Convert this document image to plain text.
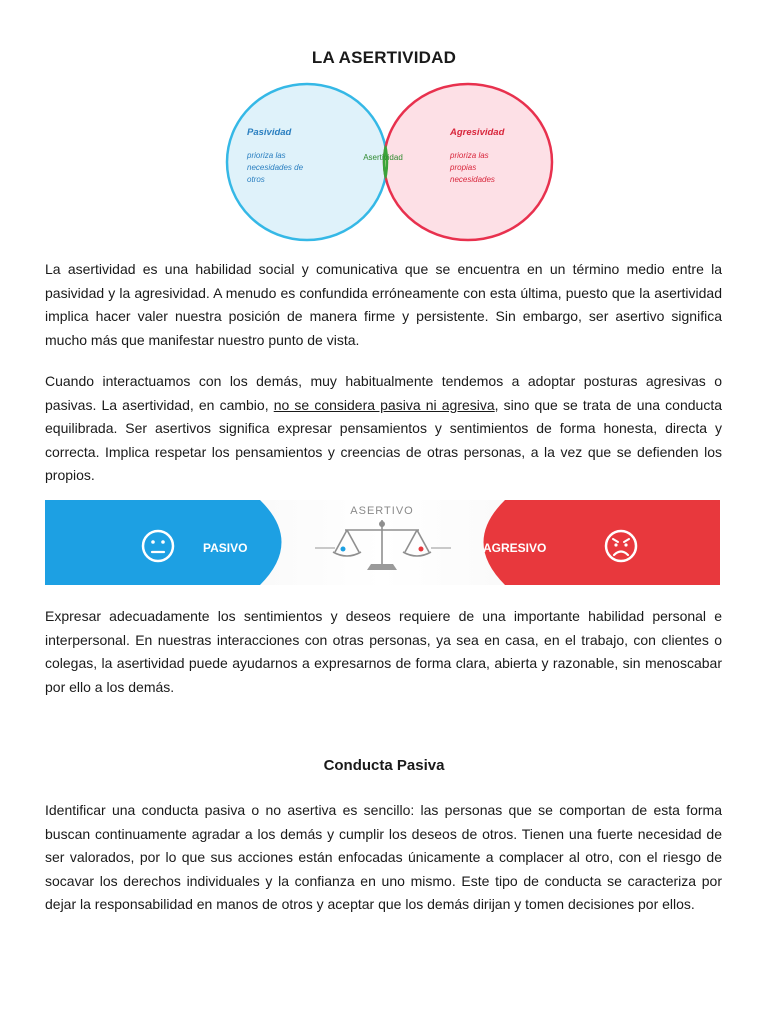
LA ASERTIVIDAD
Pasividad
prioriza las
necesidades de
otros
Asertividad
Agresividad
prioriza las
propias
necesidades

La asertividad es una habilidad social y comunicativa que se encuentra en un término medio entre la pasividad y la agresividad. A menudo es confundida erróneamente con esta última, puesto que la asertividad implica hacer valer nuestra posición de manera firme y persistente. Sin embargo, ser asertivo significa mucho más que manifestar nuestro punto de vista.

Cuando interactuamos con los demás, muy habitualmente tendemos a adoptar posturas agresivas o pasivas. La asertividad, en cambio, no se considera pasiva ni agresiva, sino que se trata de una conducta equilibrada. Ser asertivos significa expresar pensamientos y sentimientos de forma honesta, directa y correcta. Implica respetar los pensamientos y creencias de otras personas, a la vez que se defienden los propios.

PASIVO
ASERTIVO
AGRESIVO

Expresar adecuadamente los sentimientos y deseos requiere de una importante habilidad personal e interpersonal. En nuestras interacciones con otras personas, ya sea en casa, en el trabajo, con clientes o colegas, la asertividad puede ayudarnos a expresarnos de forma clara, abierta y razonable, sin menoscabar por ello a los demás.

Conducta Pasiva

Identificar una conducta pasiva o no asertiva es sencillo: las personas que se comportan de esta forma buscan continuamente agradar a los demás y cumplir los deseos de otros. Tienen una fuerte necesidad de ser valorados, por lo que sus acciones están enfocadas únicamente a complacer al otro, con el riesgo de socavar los derechos individuales y la confianza en uno mismo. Este tipo de conducta se caracteriza por dejar la responsabilidad en manos de otros y aceptar que los demás dirijan y tomen decisiones por ellos.
